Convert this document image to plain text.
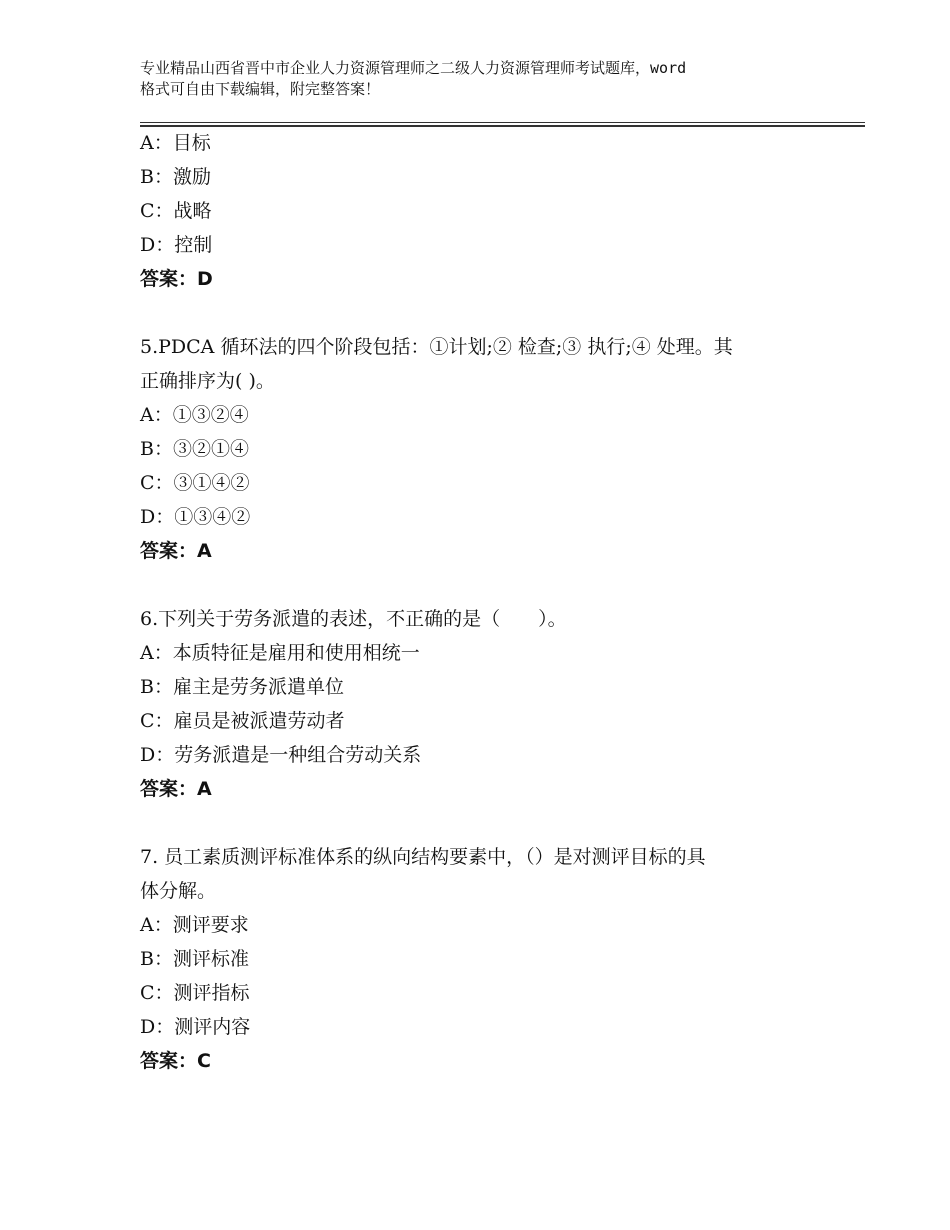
专业精品山西省晋中市企业人力资源管理师之二级人力资源管理师考试题库，word
格式可自由下载编辑，附完整答案！
A：目标
B：激励
C：战略
D：控制
答案：D
5.PDCA 循环法的四个阶段包括：①计划;② 检查;③ 执行;④ 处理。其
正确排序为( )。
A：①③②④
B：③②①④
C：③①④②
D：①③④②
答案：A
6.下列关于劳务派遣的表述，不正确的是（　　）。
A：本质特征是雇用和使用相统一
B：雇主是劳务派遣单位
C：雇员是被派遣劳动者
D：劳务派遣是一种组合劳动关系
答案：A
7. 员工素质测评标准体系的纵向结构要素中，（）是对测评目标的具
体分解。
A：测评要求
B：测评标准
C：测评指标
D：测评内容
答案：C
